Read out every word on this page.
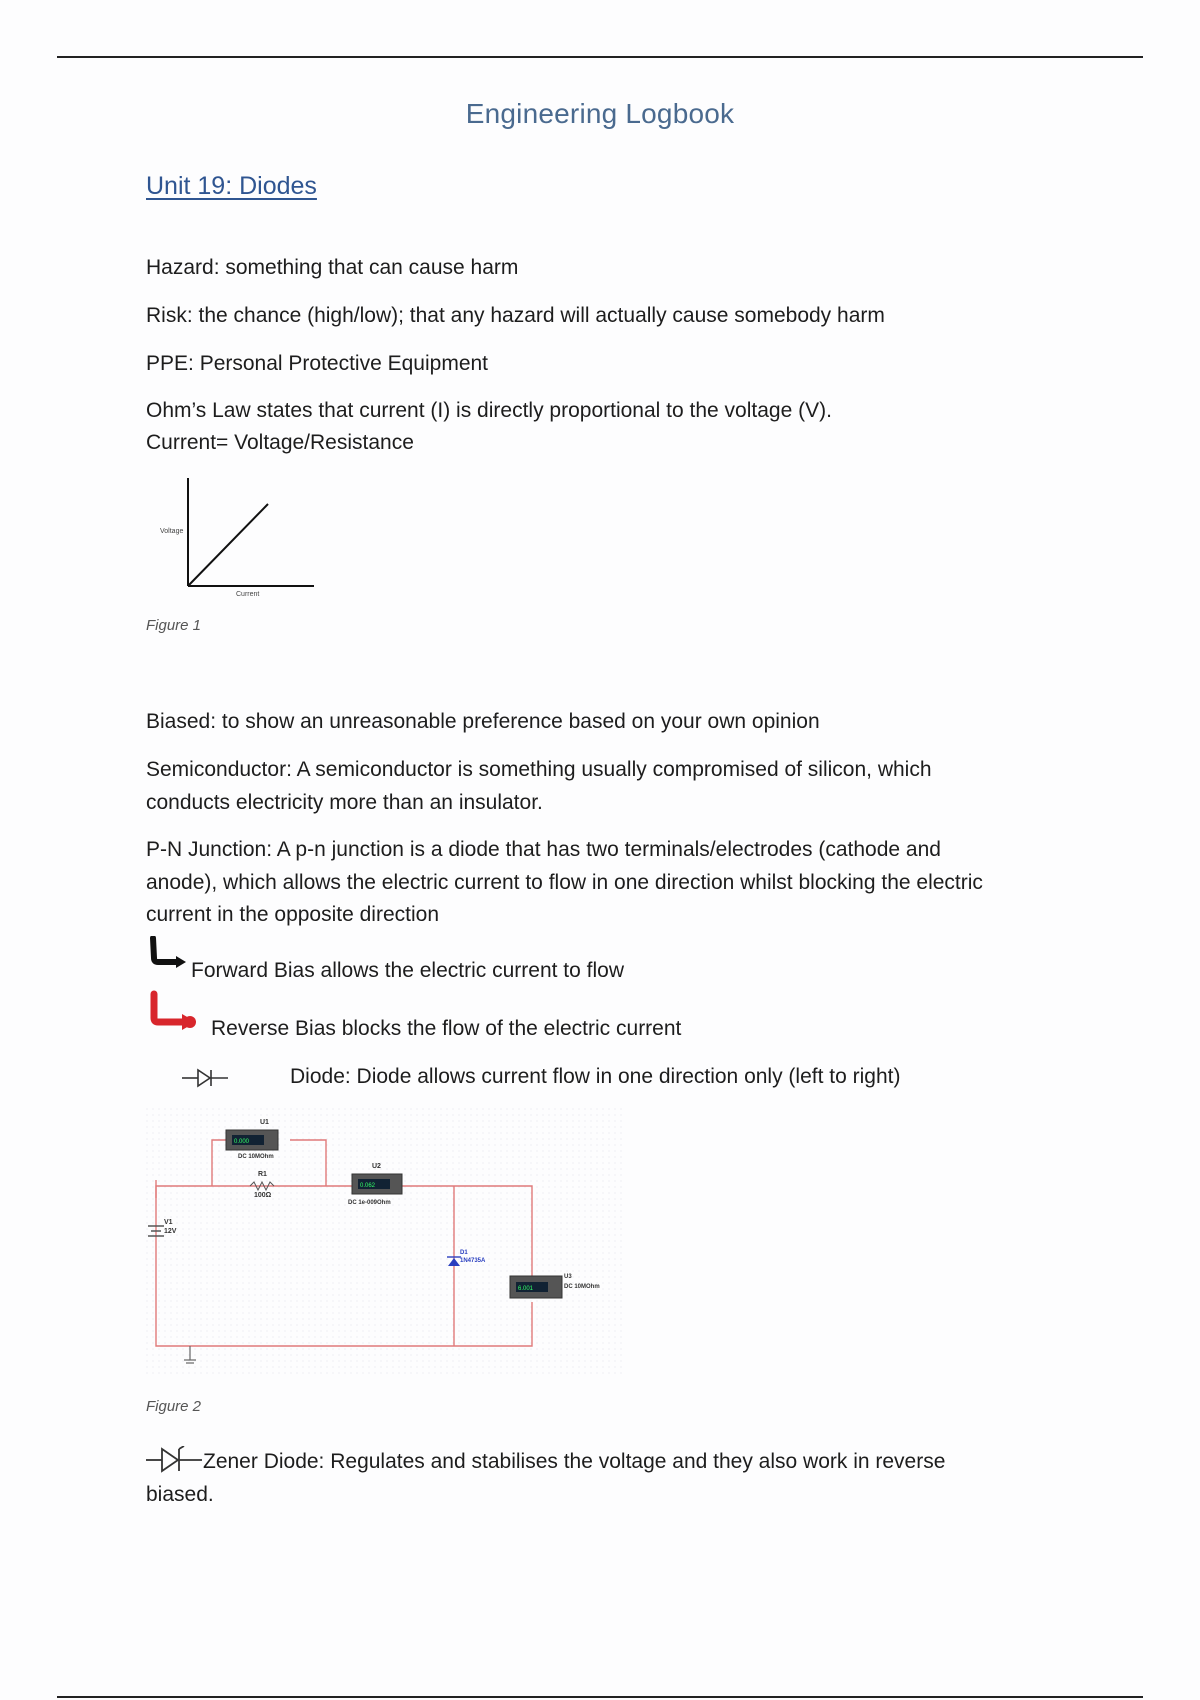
Engineering Logbook
Unit 19: Diodes
Hazard: something that can cause harm
Risk: the chance (high/low); that any hazard will actually cause somebody harm
PPE: Personal Protective Equipment
Ohm’s Law states that current (I) is directly proportional to the voltage (V).
Current= Voltage/Resistance
Voltage
Current
Figure 1
Biased: to show an unreasonable preference based on your own opinion
Semiconductor: A semiconductor is something usually compromised of silicon, which
conducts electricity more than an insulator.
P-N Junction: A p-n junction is a diode that has two terminals/electrodes (cathode and
anode), which allows the electric current to flow in one direction whilst blocking the electric
current in the opposite direction
Forward Bias allows the electric current to flow
Reverse Bias blocks the flow of the electric current
Diode: Diode allows current flow in one direction only (left to right)
V1
12V
U1
0.000
DC 10MOhm
R1
100Ω
U2
0.062
DC 1e-009Ohm
D1
1N4735A
6.001
U3
DC 10MOhm
Figure 2
Zener Diode: Regulates and stabilises the voltage and they also work in reverse
biased.
